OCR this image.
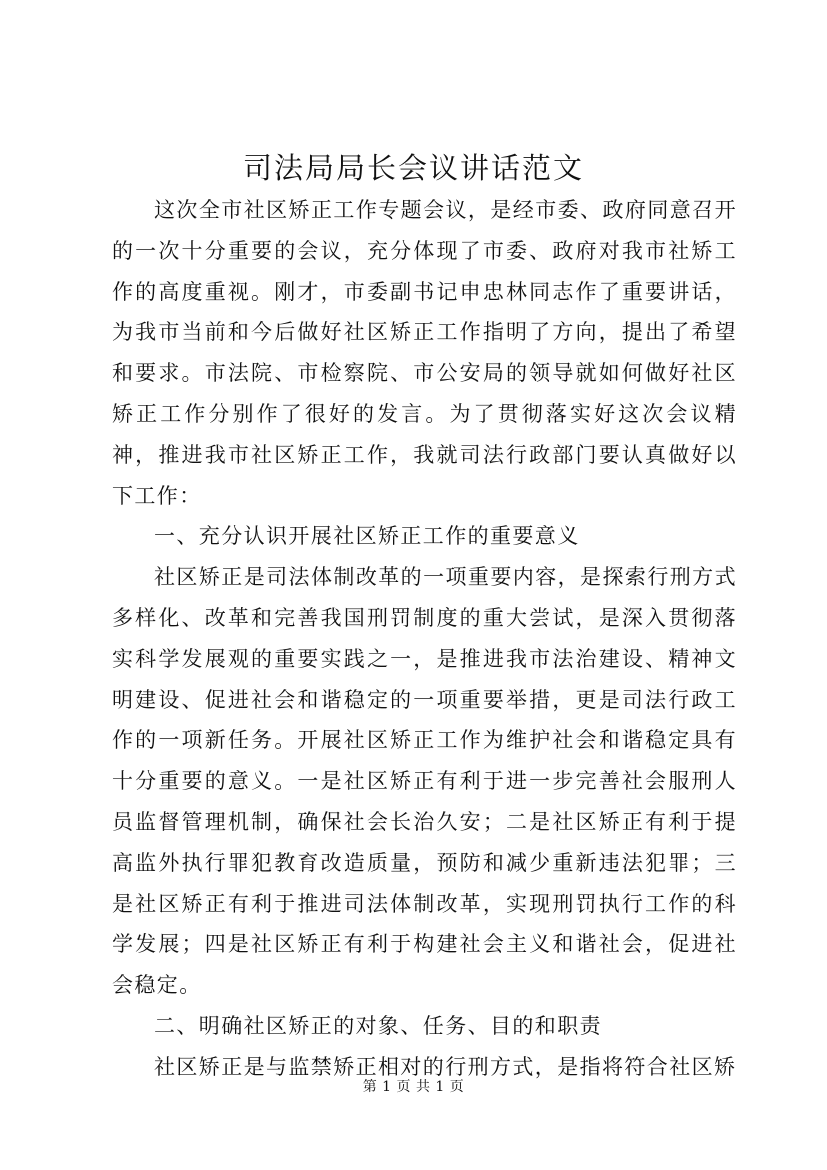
司法局局长会议讲话范文

这次全市社区矫正工作专题会议，是经市委、政府同意召开的一次十分重要的会议，充分体现了市委、政府对我市社矫工作的高度重视。刚才，市委副书记申忠林同志作了重要讲话，为我市当前和今后做好社区矫正工作指明了方向，提出了希望和要求。市法院、市检察院、市公安局的领导就如何做好社区矫正工作分别作了很好的发言。为了贯彻落实好这次会议精神，推进我市社区矫正工作，我就司法行政部门要认真做好以下工作：

一、充分认识开展社区矫正工作的重要意义

社区矫正是司法体制改革的一项重要内容，是探索行刑方式多样化、改革和完善我国刑罚制度的重大尝试，是深入贯彻落实科学发展观的重要实践之一，是推进我市法治建设、精神文明建设、促进社会和谐稳定的一项重要举措，更是司法行政工作的一项新任务。开展社区矫正工作为维护社会和谐稳定具有十分重要的意义。一是社区矫正有利于进一步完善社会服刑人员监督管理机制，确保社会长治久安；二是社区矫正有利于提高监外执行罪犯教育改造质量，预防和减少重新违法犯罪；三是社区矫正有利于推进司法体制改革，实现刑罚执行工作的科学发展；四是社区矫正有利于构建社会主义和谐社会，促进社会稳定。

二、明确社区矫正的对象、任务、目的和职责

社区矫正是与监禁矫正相对的行刑方式，是指将符合社区矫

第 1 页 共 1 页
